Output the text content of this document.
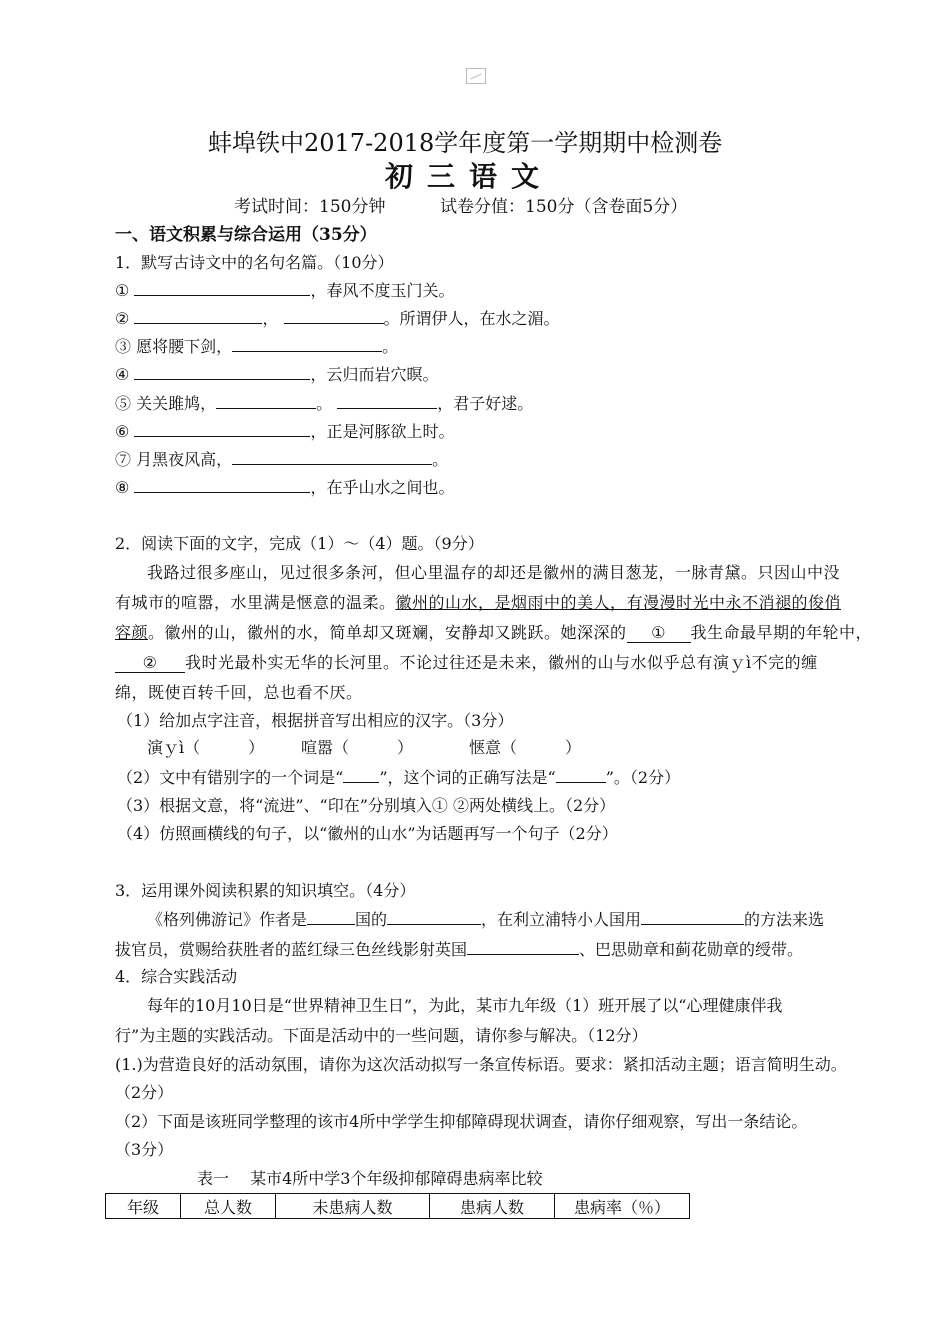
蚌埠铁中2017-2018学年度第一学期期中检测卷
初三语文
考试时间：150分钟	试卷分值：150分（含卷面5分）
一、语文积累与综合运用（35分）
1．默写古诗文中的名句名篇。（10分）
①	，春风不度玉门关。
②	，	。所谓伊人，在水之湄。
③ 愿将腰下剑，	。
④	，云归而岩穴暝。
⑤ 关关雎鸠，	。	，君子好逑。
⑥	，正是河豚欲上时。
⑦ 月黑夜风高，	。
⑧	，在乎山水之间也。
2．阅读下面的文字，完成（1）～（4）题。（9分）
我路过很多座山，见过很多条河，但心里温存的却还是徽州的满目葱茏，一脉青黛。只因山中没
有城市的喧嚣，水里满是惬意的温柔。徽州的山水，是烟雨中的美人，有漫漫时光中永不消褪的俊俏
容颜。徽州的山，徽州的水，简单却又斑斓，安静却又跳跃。她深深的 ① 我生命最早期的年轮中，
② 我时光最朴实无华的长河里。不论过往还是未来，徽州的山与水似乎总有演ｙì不完的缠
绵，既使百转千回，总也看不厌。
（1）给加点字注音，根据拼音写出相应的汉字。（3分）
演ｙì（　　　） 喧嚣（　　　）	惬意（　　　）
（2）文中有错别字的一个词是“ ”，这个词的正确写法是“	”。（2分）
（3）根据文意，将“流进”、“印在”分别填入① ②两处横线上。（2分）
（4）仿照画横线的句子，以“徽州的山水”为话题再写一个句子（2分）
3．运用课外阅读积累的知识填空。（4分）
《格列佛游记》作者是	国的	，在利立浦特小人国用	的方法来选
拔官员，赏赐给获胜者的蓝红绿三色丝线影射英国	、巴思勋章和蓟花勋章的绶带。
4．综合实践活动
每年的10月10日是“世界精神卫生日”，为此，某市九年级（1）班开展了以“心理健康伴我
行”为主题的实践活动。下面是活动中的一些问题，请你参与解决。（12分）
(1.)为营造良好的活动氛围，请你为这次活动拟写一条宣传标语。要求：紧扣活动主题；语言简明生动。
（2分）
（2）下面是该班同学整理的该市4所中学学生抑郁障碍现状调查，请你仔细观察，写出一条结论。
（3分）
表一　 某市4所中学3个年级抑郁障碍患病率比较
年级	总人数	未患病人数	患病人数	患病率（％）
